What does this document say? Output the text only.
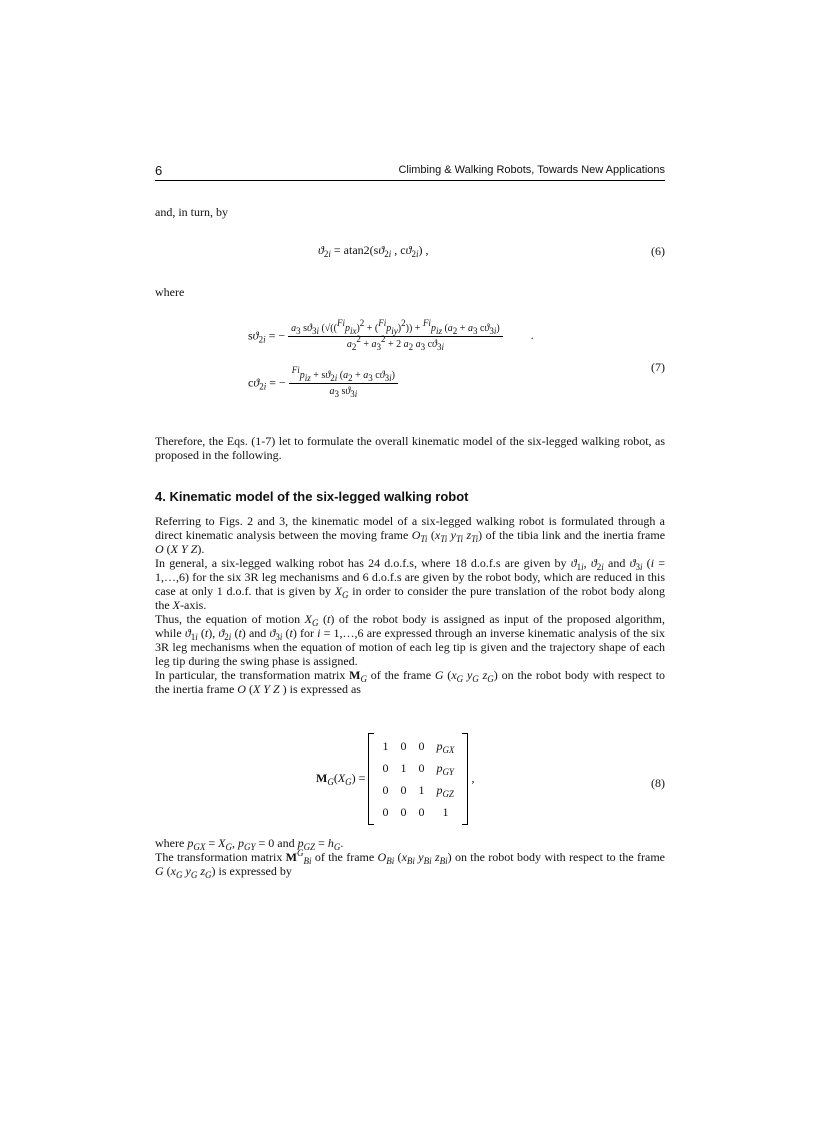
6	Climbing & Walking Robots, Towards New Applications
and, in turn, by
$ϑ_{2i} = atan2(sϑ_{2i}$ , $cϑ_{2i}$) ,	(6)
where
$sϑ_{2i}$ = − $\frac{a_3 sϑ_{3i} (√((^{Fi}p_{ix})^2 + (^{Fi}p_{iy})^2)) + ^{Fi}p_{iz} (a_2 + a_3 cϑ_{3i})}{a_2^2 + a_3^2 + 2 a_2 a_3 cϑ_{3i}}$ .
$cϑ_{2i}$ = − $\frac{^{Fi}p_{iz} + sϑ_{2i} (a_2 + a_3 cϑ_{3i})}{a_3 sϑ_{3i}}$
(7)
Therefore, the Eqs. (1-7) let to formulate the overall kinematic model of the six-legged walking robot, as proposed in the following.
4. Kinematic model of the six-legged walking robot
Referring to Figs. 2 and 3, the kinematic model of a six-legged walking robot is formulated through a direct kinematic analysis between the moving frame $O_{Ti}$ ($x_{Ti}$ $y_{Ti}$ $z_{Ti}$) of the tibia link and the inertia frame O (X Y Z).
In general, a six-legged walking robot has 24 d.o.f.s, where 18 d.o.f.s are given by $ϑ_{1i}$, $ϑ_{2i}$ and $ϑ_{3i}$ (i = 1,…,6) for the six 3R leg mechanisms and 6 d.o.f.s are given by the robot body, which are reduced in this case at only 1 d.o.f. that is given by $X_G$ in order to consider the pure translation of the robot body along the X-axis.
Thus, the equation of motion $X_G$ (t) of the robot body is assigned as input of the proposed algorithm, while $ϑ_{1i}$ (t), $ϑ_{2i}$ (t) and $ϑ_{3i}$ (t) for i = 1,…,6 are expressed through an inverse kinematic analysis of the six 3R leg mechanisms when the equation of motion of each leg tip is given and the trajectory shape of each leg tip during the swing phase is assigned.
In particular, the transformation matrix $M_G$ of the frame G ($x_G$ $y_G$ $z_G$) on the robot body with respect to the inertia frame O (X Y Z ) is expressed as
$M_G(X_G)$ =
1	0	0	$p_{GX}$
0	1	0	$p_{GY}$
0	0	1	$p_{GZ}$
0	0	0	1
,	(8)
where $p_{GX} = X_G$, $p_{GY} = 0$ and $p_{GZ} = h_G$.
The transformation matrix $M^G_{Bi}$ of the frame $O_{Bi}$ ($x_{Bi}$ $y_{Bi}$ $z_{Bi}$) on the robot body with respect to the frame G ($x_G$ $y_G$ $z_G$) is expressed by
